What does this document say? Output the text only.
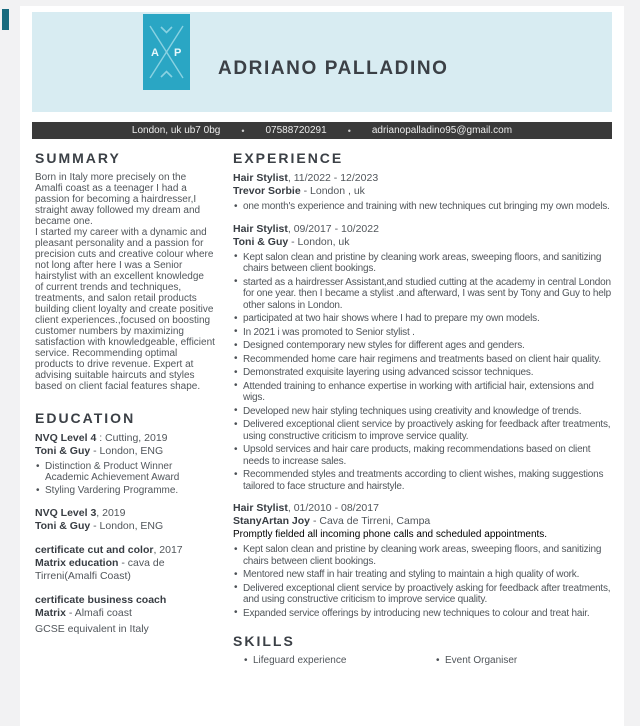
A P
ADRIANO PALLADINO
London, uk ub7 0bg • 07588720291 • adrianopalladino95@gmail.com
SUMMARY

Born in Italy more precisely on the Amalfi coast as a teenager I had a passion for becoming a hairdresser,I straight away followed my dream and became one.

I started my career with a dynamic and pleasant personality and a passion for precision cuts and creative colour where not long after here I was a Senior hairstylist with an excellent knowledge of current trends and techniques, treatments, and salon retail products building client loyalty and create positive client experiences.,focused on boosting customer numbers by maximizing satisfaction with knowledgeable, efficient service. Recommending optimal products to drive revenue. Expert at advising suitable haircuts and styles based on client facial features shape.

EDUCATION
NVQ Level 4 : Cutting, 2019
Toni & Guy - London, ENG
• Distinction & Product Winner Academic Achievement Award
• Styling Vardering Programme.
NVQ Level 3, 2019
Toni & Guy - London, ENG
certificate cut and color, 2017
Matrix education - cava de Tirreni(Amalfi Coast)
certificate business coach
Matrix - Almafi coast
GCSE equivalent in Italy
EXPERIENCE
Hair Stylist, 11/2022 - 12/2023
Trevor Sorbie - London , uk
• one month's experience and training with new techniques cut bringing my own models.
Hair Stylist, 09/2017 - 10/2022
Toni & Guy - London, uk
• Kept salon clean and pristine by cleaning work areas, sweeping floors, and sanitizing chairs between client bookings.
• started as a hairdresser Assistant,and studied cutting at the academy in central London for one year. then I became a stylist .and afterward, I was sent by Tony and Guy to help other salons in London.
• participated at two hair shows where I had to prepare my own models.
• In 2021 i was promoted to Senior stylist .
• Designed contemporary new styles for different ages and genders.
• Recommended home care hair regimens and treatments based on client hair quality.
• Demonstrated exquisite layering using advanced scissor techniques.
• Attended training to enhance expertise in working with artificial hair, extensions and wigs.
• Developed new hair styling techniques using creativity and knowledge of trends.
• Delivered exceptional client service by proactively asking for feedback after treatments, using constructive criticism to improve service quality.
• Upsold services and hair care products, making recommendations based on client needs to increase sales.
• Recommended styles and treatments according to client wishes, making suggestions tailored to face structure and hairstyle.
Hair Stylist, 01/2010 - 08/2017
StanyArtan Joy - Cava de Tirreni, Campa
Promptly fielded all incoming phone calls and scheduled appointments.
• Kept salon clean and pristine by cleaning work areas, sweeping floors, and sanitizing chairs between client bookings.
• Mentored new staff in hair treating and styling to maintain a high quality of work.
• Delivered exceptional client service by proactively asking for feedback after treatments, and using constructive criticism to improve service quality.
• Expanded service offerings by introducing new techniques to colour and treat hair.
SKILLS
• Lifeguard experience	• Event Organiser
